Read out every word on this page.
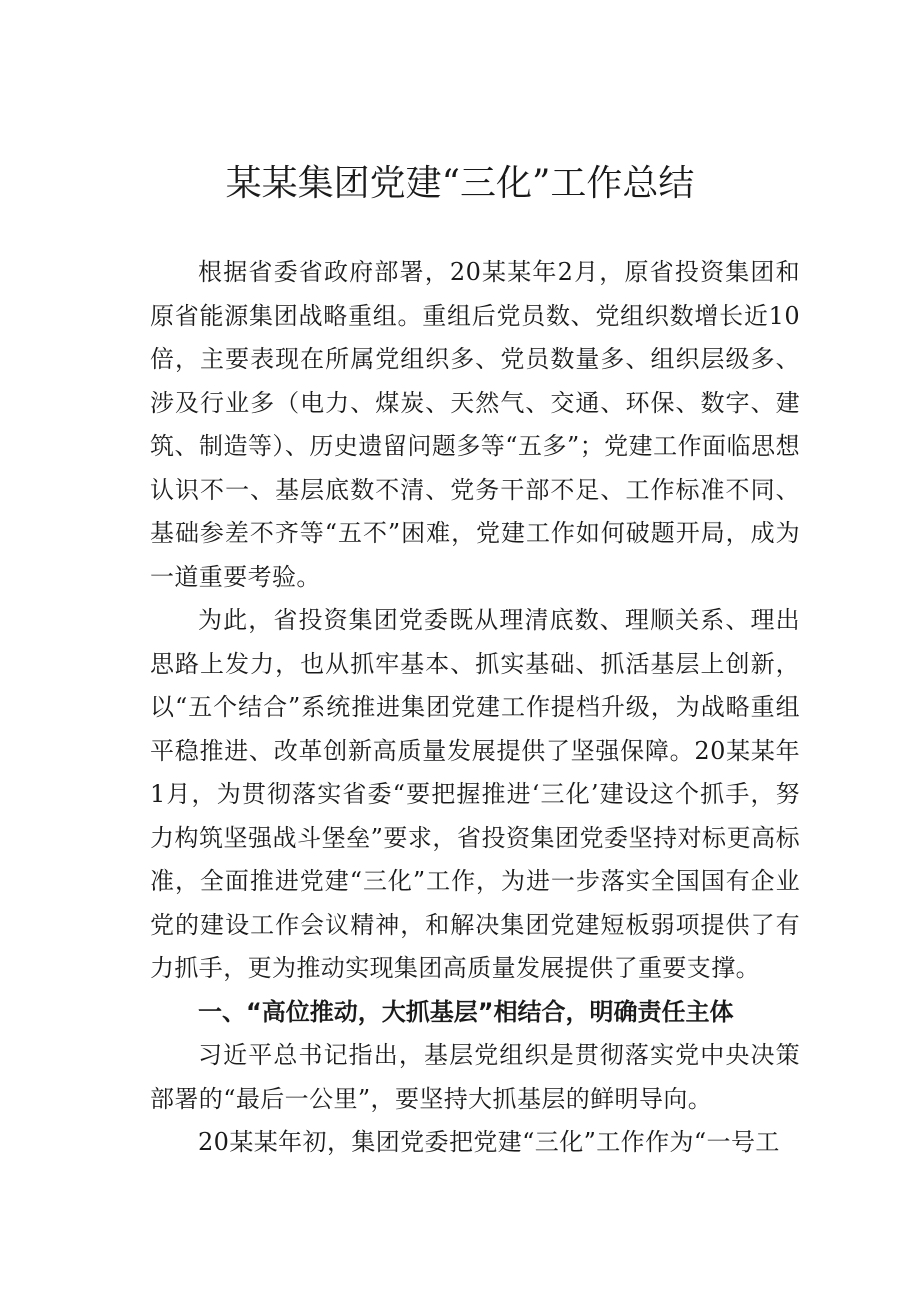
某某集团党建“三化”工作总结

根据省委省政府部署，20某某年2月，原省投资集团和原省能源集团战略重组。重组后党员数、党组织数增长近10倍，主要表现在所属党组织多、党员数量多、组织层级多、涉及行业多（电力、煤炭、天然气、交通、环保、数字、建筑、制造等）、历史遗留问题多等“五多”；党建工作面临思想认识不一、基层底数不清、党务干部不足、工作标准不同、基础参差不齐等“五不”困难，党建工作如何破题开局，成为一道重要考验。

为此，省投资集团党委既从理清底数、理顺关系、理出思路上发力，也从抓牢基本、抓实基础、抓活基层上创新，以“五个结合”系统推进集团党建工作提档升级，为战略重组平稳推进、改革创新高质量发展提供了坚强保障。20某某年1月，为贯彻落实省委“要把握推进‘三化’建设这个抓手，努力构筑坚强战斗堡垒”要求，省投资集团党委坚持对标更高标准，全面推进党建“三化”工作，为进一步落实全国国有企业党的建设工作会议精神，和解决集团党建短板弱项提供了有力抓手，更为推动实现集团高质量发展提供了重要支撑。

一、“高位推动，大抓基层”相结合，明确责任主体

习近平总书记指出，基层党组织是贯彻落实党中央决策部署的“最后一公里”，要坚持大抓基层的鲜明导向。

20某某年初，集团党委把党建“三化”工作作为“一号工
